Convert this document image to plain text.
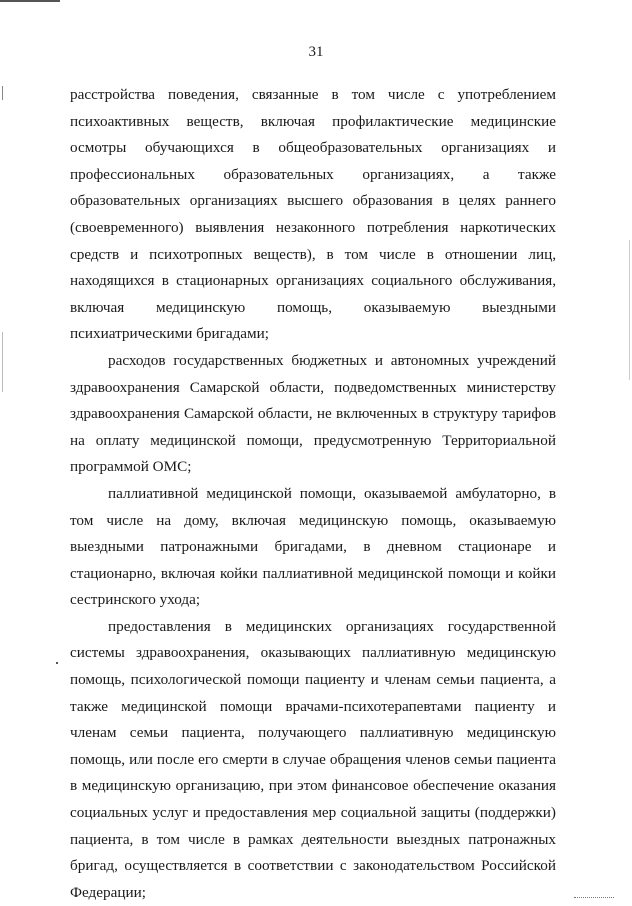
31

расстройства поведения, связанные в том числе с употреблением психоактивных веществ, включая профилактические медицинские осмотры обучающихся в общеобразовательных организациях и профессиональных образовательных организациях, а также образовательных организациях высшего образования в целях раннего (своевременного) выявления незаконного потребления наркотических средств и психотропных веществ), в том числе в отношении лиц, находящихся в стационарных организациях социального обслуживания, включая медицинскую помощь, оказываемую выездными психиатрическими бригадами;

расходов государственных бюджетных и автономных учреждений здравоохранения Самарской области, подведомственных министерству здравоохранения Самарской области, не включенных в структуру тарифов на оплату медицинской помощи, предусмотренную Территориальной программой ОМС;

паллиативной медицинской помощи, оказываемой амбулаторно, в том числе на дому, включая медицинскую помощь, оказываемую выездными патронажными бригадами, в дневном стационаре и стационарно, включая койки паллиативной медицинской помощи и койки сестринского ухода;

предоставления в медицинских организациях государственной системы здравоохранения, оказывающих паллиативную медицинскую помощь, психологической помощи пациенту и членам семьи пациента, а также медицинской помощи врачами-психотерапевтами пациенту и членам семьи пациента, получающего паллиативную медицинскую помощь, или после его смерти в случае обращения членов семьи пациента в медицинскую организацию, при этом финансовое обеспечение оказания социальных услуг и предоставления мер социальной защиты (поддержки) пациента, в том числе в рамках деятельности выездных патронажных бригад, осуществляется в соответствии с законодательством Российской Федерации;
